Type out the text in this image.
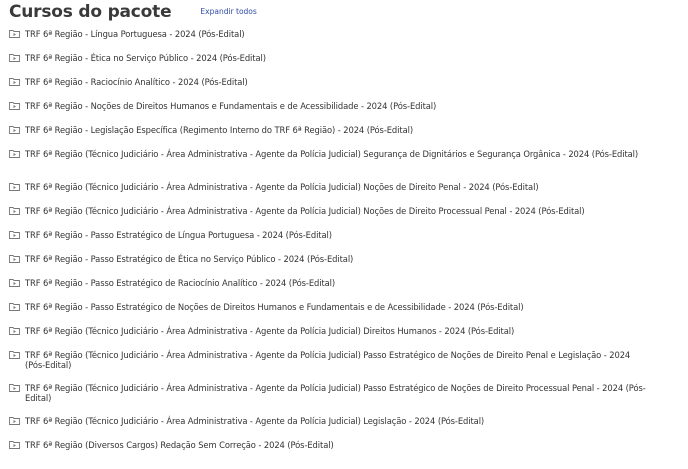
Cursos do pacote	Expandir todos
TRF 6ª Região - Língua Portuguesa - 2024 (Pós-Edital)
TRF 6ª Região - Ética no Serviço Público - 2024 (Pós-Edital)
TRF 6ª Região - Raciocínio Analítico - 2024 (Pós-Edital)
TRF 6ª Região - Noções de Direitos Humanos e Fundamentais e de Acessibilidade - 2024 (Pós-Edital)
TRF 6ª Região - Legislação Específica (Regimento Interno do TRF 6ª Região) - 2024 (Pós-Edital)
TRF 6ª Região (Técnico Judiciário - Área Administrativa - Agente da Polícia Judicial) Segurança de Dignitários e Segurança Orgânica - 2024 (Pós-Edital)
TRF 6ª Região (Técnico Judiciário - Área Administrativa - Agente da Polícia Judicial) Noções de Direito Penal - 2024 (Pós-Edital)
TRF 6ª Região (Técnico Judiciário - Área Administrativa - Agente da Polícia Judicial) Noções de Direito Processual Penal - 2024 (Pós-Edital)
TRF 6ª Região - Passo Estratégico de Língua Portuguesa - 2024 (Pós-Edital)
TRF 6ª Região - Passo Estratégico de Ética no Serviço Público - 2024 (Pós-Edital)
TRF 6ª Região - Passo Estratégico de Raciocínio Analítico - 2024 (Pós-Edital)
TRF 6ª Região - Passo Estratégico de Noções de Direitos Humanos e Fundamentais e de Acessibilidade - 2024 (Pós-Edital)
TRF 6ª Região (Técnico Judiciário - Área Administrativa - Agente da Polícia Judicial) Direitos Humanos - 2024 (Pós-Edital)
TRF 6ª Região (Técnico Judiciário - Área Administrativa - Agente da Polícia Judicial) Passo Estratégico de Noções de Direito Penal e Legislação - 2024 (Pós-Edital)
TRF 6ª Região (Técnico Judiciário - Área Administrativa - Agente da Polícia Judicial) Passo Estratégico de Noções de Direito Processual Penal - 2024 (Pós-Edital)
TRF 6ª Região (Técnico Judiciário - Área Administrativa - Agente da Polícia Judicial) Legislação - 2024 (Pós-Edital)
TRF 6ª Região (Diversos Cargos) Redação Sem Correção - 2024 (Pós-Edital)
